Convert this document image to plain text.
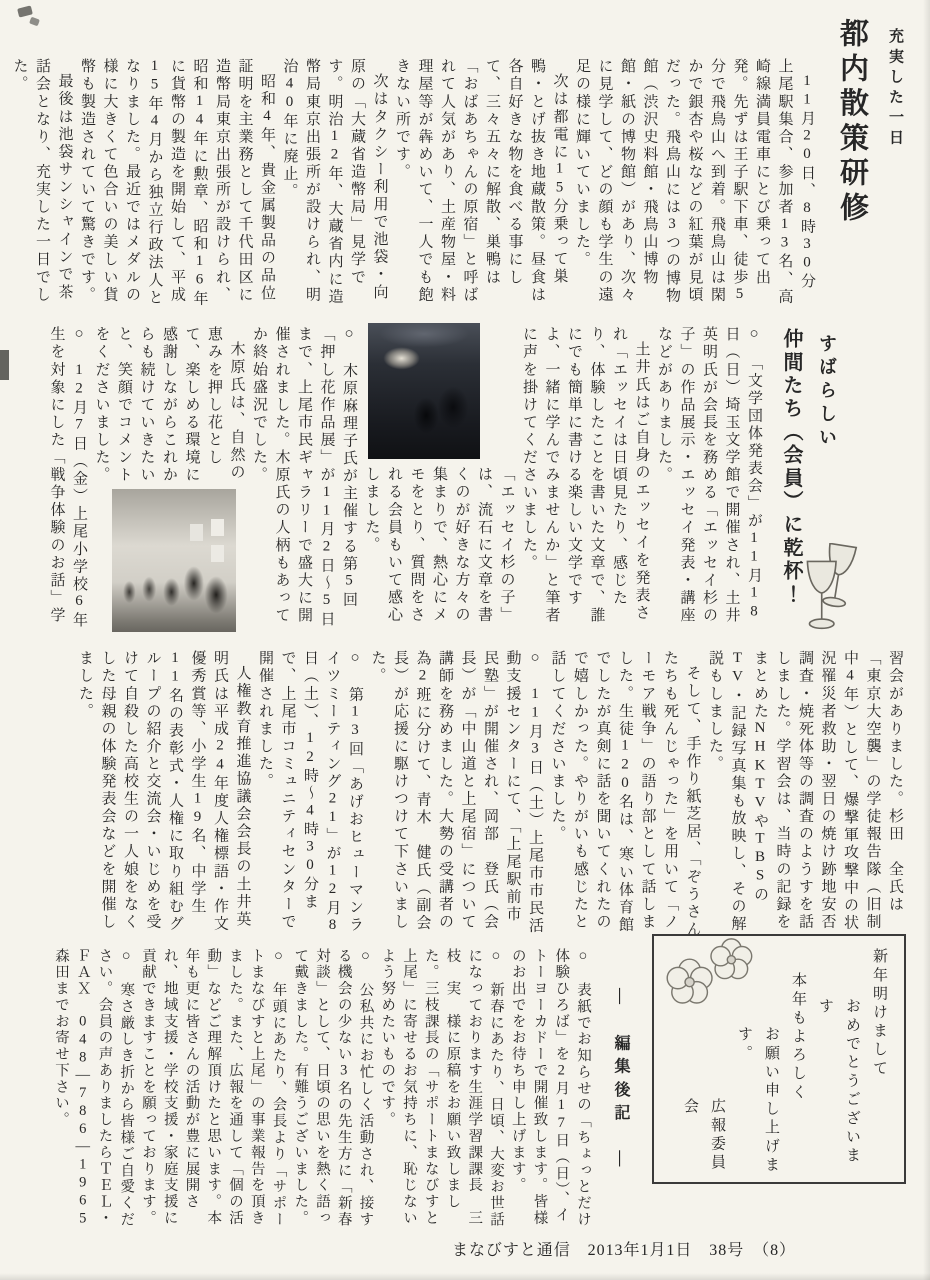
充実した一日
都内散策研修

11月20日、8時30分上尾駅集合、参加者13名、高崎線満員電車にとび乗って出発。先ずは王子駅下車、徒歩5分で飛鳥山へ到着。飛鳥山は閑かで銀杏や桜などの紅葉が見頃だった。飛鳥山には3つの博物館（渋沢史料館・飛鳥山博物館・紙の博物館）があり、次々に見学して、どの顔も学生の遠足の様に輝いていました。

次は都電に15分乗って巣鴨・とげ抜き地蔵散策。昼食は各自好きな物を食べる事にして、三々五々に解散、巣鴨は「おばあちゃんの原宿」と呼ばれて人気があり、土産物屋・料理屋等が犇めいて、一人でも飽きない所です。

次はタクシー利用で池袋・向原の「大蔵省造幣局」見学です。明治12年、大蔵省内に造幣局東京出張所が設けられ、明治40年に廃止。

昭和4年、貴金属製品の品位証明を主業務として千代田区に造幣局東京出張所が設けられ、昭和14年に勲章、昭和16年に貨幣の製造を開始して、平成15年4月から独立行政法人となりました。最近ではメダルの様に大きくて色合いの美しい貨幣も製造されていて驚きです。

最後は池袋サンシャインで茶話会となり、充実した一日でした。

すばらしい
仲間たち（会員）に乾杯！

○　「文学団体発表会」が11月18日（日）埼玉文学館で開催され、土井英明氏が会長を務める「エッセイ杉の子」の作品展示・エッセイ発表・講座などがありました。

土井氏はご自身のエッセイを発表され「エッセイは日頃見たり、感じたり、体験したことを書いた文章で、誰にでも簡単に書ける楽しい文学ですよ、一緒に学んでみませんか」と筆者に声を掛けてくださいました。

「エッセイ杉の子」は、流石に文章を書くのが好きな方々の集まりで、熱心にメモをとり、質問をされる会員もいて感心しました。

○　木原麻理子氏が主催する第5回「押し花作品展」が11月2日〜5日まで、上尾市民ギャラリーで盛大に開催されました。木原氏の人柄もあってか終始盛況でした。

木原氏は、自然の恵みを押し花として、楽しめる環境に感謝しながらこれからも続けていきたいと、笑顔でコメントをくださいました。

○　12月7日（金）上尾小学校6年生を対象にした「戦争体験のお話」学

習会がありました。杉田　全氏は「東京大空襲」の学徒報告隊（旧制中4年）として、爆撃軍攻撃中の状況罹災者救助・翌日の焼け跡地安否調査・焼死体等の調査のようすを話しました。学習会は、当時の記録をまとめたNHKTVやTBSのTV・記録写真集も放映し、その解説もしました。

そして、手作り紙芝居、「ぞうさんたちも死んじゃった」を用いて「ノーモア戦争」の語り部として話しました。生徒120名は、寒い体育館でしたが真剣に話を聞いてくれたので嬉しかった。やりがいも感じたと話してくださいました。

○　11月3日（土）上尾市市民活動支援センターにて、「上尾駅前市民塾」が開催され、岡部　登氏（会長）が「中山道と上尾宿」について講師を務めました。大勢の受講者の為2班に分けて、青木　健氏（副会長）が応援に駆けつけて下さいました。

○　第13回「あげおヒューマンライツミーティング21」が12月8日（土）、12時〜4時30分まで、上尾市コミュニティセンターで開催されました。

人権教育推進協議会会長の土井英明氏は平成24年度人権標語・作文優秀賞等、小学生19名、中学生11名の表彰式・人権に取り組むグループの紹介と交流会・いじめを受けて自殺した高校生の一人娘をなくした母親の体験発表会などを開催しました。

新年明けまして
おめでとうございます
本年もよろしく
お願い申し上げます。
広報委員会
―　編集後記　―

○　表紙でお知らせの「ちょっとだけ体験ひろば」を2月17日（日）、イトーヨーカドーで開催致します。皆様のお出でをお待ち申し上げます。

○　新春にあたり、日頃、大変お世話になっております生涯学習課課長　三枝　実　様に原稿をお願い致しました。三枝課長の「サポートまなびすと上尾」に寄せるお気持ちに、恥じないよう努めたいものです。

○　公私共にお忙しく活動され、接する機会の少ない3名の先生方に「新春対談」として、日頃の思いを熱く語って戴きました。有難うございました。

○　年頭にあたり、会長より「サポートまなびすと上尾」の事業報告を頂きました。また、広報を通して「個の活動」などご理解頂けたと思います。本年も更に皆さんの活動が豊に展開され、地域支援・学校支援・家庭支援に貢献できますことを願っております。

○　寒さ厳しき折から皆様ご自愛ください。会員の声ありましたらＴＥＬ・ＦＡＸ　048―786―1965　森田までお寄せ下さい。

まなびすと通信　2013年1月1日　38号　（8）
